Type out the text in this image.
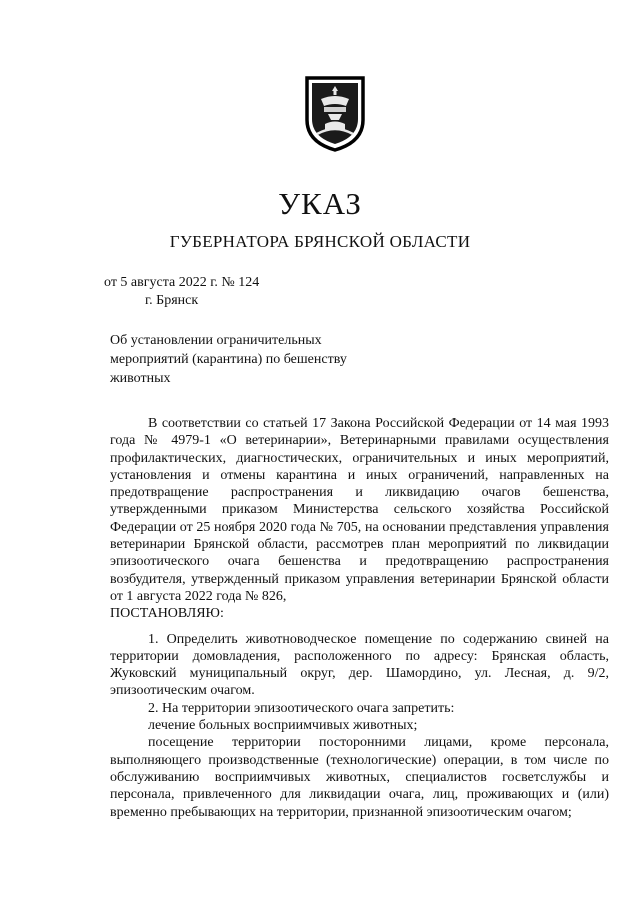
УКАЗ
ГУБЕРНАТОРА БРЯНСКОЙ ОБЛАСТИ
от 5 августа 2022 г. № 124
г. Брянск
Об установлении ограничительных мероприятий (карантина) по бешенству животных

В соответствии со статьей 17 Закона Российской Федерации от 14 мая 1993 года № 4979-1 «О ветеринарии», Ветеринарными правилами осуществления профилактических, диагностических, ограничительных и иных мероприятий, установления и отмены карантина и иных ограничений, направленных на предотвращение распространения и ликвидацию очагов бешенства, утвержденными приказом Министерства сельского хозяйства Российской Федерации от 25 ноября 2020 года № 705, на основании представления управления ветеринарии Брянской области, рассмотрев план мероприятий по ликвидации эпизоотического очага бешенства и предотвращению распространения возбудителя, утвержденный приказом управления ветеринарии Брянской области от 1 августа 2022 года № 826,

ПОСТАНОВЛЯЮ:

1. Определить животноводческое помещение по содержанию свиней на территории домовладения, расположенного по адресу: Брянская область, Жуковский муниципальный округ, дер. Шамордино, ул. Лесная, д. 9/2, эпизоотическим очагом.

2. На территории эпизоотического очага запретить:

лечение больных восприимчивых животных;

посещение территории посторонними лицами, кроме персонала, выполняющего производственные (технологические) операции, в том числе по обслуживанию восприимчивых животных, специалистов госветслужбы и персонала, привлеченного для ликвидации очага, лиц, проживающих и (или) временно пребывающих на территории, признанной эпизоотическим очагом;
